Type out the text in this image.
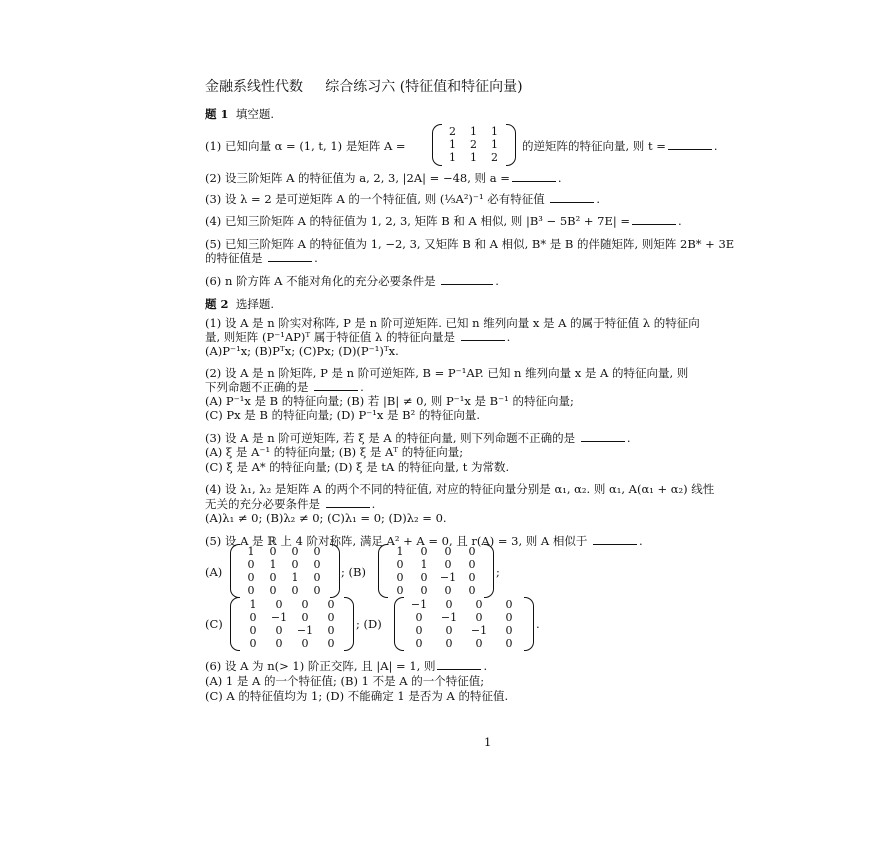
金融系线性代数 综合练习六 (特征值和特征向量)
题 1 填空题.
(1) 已知向量 α = (1, t, 1) 是矩阵 A =
2	1	1
1	2	1
1	1	2
的逆矩阵的特征向量, 则 t =	.
(2) 设三阶矩阵 A 的特征值为 a, 2, 3, |2A| = −48, 则 a =	.
(3) 设 λ = 2 是可逆矩阵 A 的一个特征值, 则 (⅓A²)⁻¹ 必有特征值	.
(4) 已知三阶矩阵 A 的特征值为 1, 2, 3, 矩阵 B 和 A 相似, 则 |B³ − 5B² + 7E| =	.
(5) 已知三阶矩阵 A 的特征值为 1, −2, 3, 又矩阵 B 和 A 相似, B* 是 B 的伴随矩阵, 则矩阵 2B* + 3E
的特征值是	.
(6) n 阶方阵 A 不能对角化的充分必要条件是	.
题 2 选择题.
(1) 设 A 是 n 阶实对称阵, P 是 n 阶可逆矩阵. 已知 n 维列向量 x 是 A 的属于特征值 λ 的特征向
量, 则矩阵 (P⁻¹AP)ᵀ 属于特征值 λ 的特征向量是	.
(A)P⁻¹x; (B)Pᵀx; (C)Px; (D)(P⁻¹)ᵀx.
(2) 设 A 是 n 阶矩阵, P 是 n 阶可逆矩阵, B = P⁻¹AP. 已知 n 维列向量 x 是 A 的特征向量, 则
下列命题不正确的是	.
(A) P⁻¹x 是 B 的特征向量; (B) 若 |B| ≠ 0, 则 P⁻¹x 是 B⁻¹ 的特征向量;
(C) Px 是 B 的特征向量; (D) P⁻¹x 是 B² 的特征向量.
(3) 设 A 是 n 阶可逆矩阵, 若 ξ 是 A 的特征向量, 则下列命题不正确的是	.
(A) ξ 是 A⁻¹ 的特征向量; (B) ξ 是 Aᵀ 的特征向量;
(C) ξ 是 A* 的特征向量; (D) ξ 是 tA 的特征向量, t 为常数.
(4) 设 λ₁, λ₂ 是矩阵 A 的两个不同的特征值, 对应的特征向量分别是 α₁, α₂. 则 α₁, A(α₁ + α₂) 线性
无关的充分必要条件是	.
(A)λ₁ ≠ 0; (B)λ₂ ≠ 0; (C)λ₁ = 0; (D)λ₂ = 0.
(5) 设 A 是 ℝ 上 4 阶对称阵, 满足 A² + A = 0, 且 r(A) = 3, 则 A 相似于	.
(A)
1	0	0	0
0	1	0	0
0	0	1	0
0	0	0	0
; (B)
1	0	0	0
0	1	0	0
0	0	−1	0
0	0	0	0
;
(C)
1	0	0	0
0	−1	0	0
0	0	−1	0
0	0	0	0
; (D)
−1	0	0	0
0	−1	0	0
0	0	−1	0
0	0	0	0
.
(6) 设 A 为 n(> 1) 阶正交阵, 且 |A| = 1, 则	.
(A) 1 是 A 的一个特征值; (B) 1 不是 A 的一个特征值;
(C) A 的特征值均为 1; (D) 不能确定 1 是否为 A 的特征值.
1
